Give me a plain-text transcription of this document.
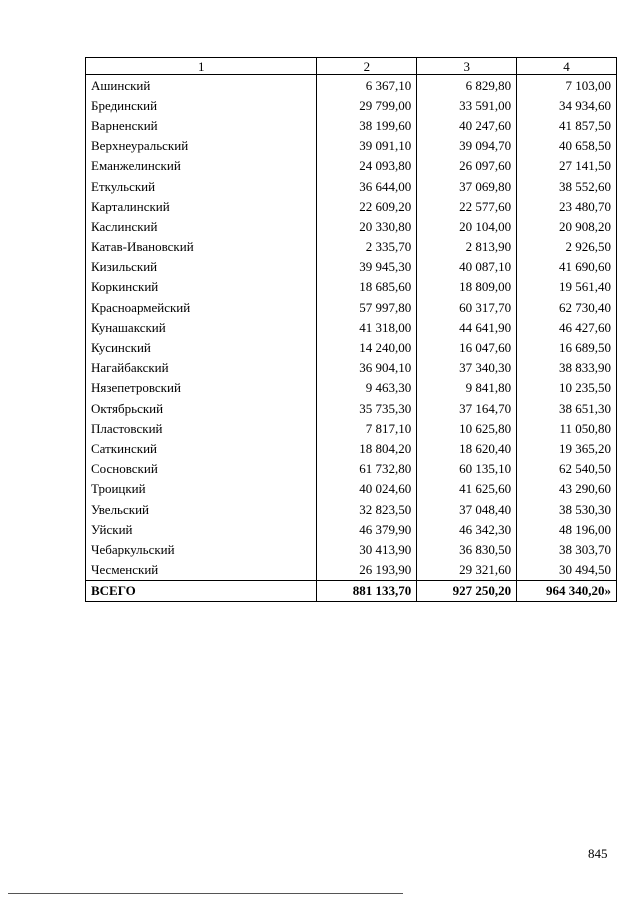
1	2	3	4
Ашинский	6 367,10	6 829,80	7 103,00
Брединский	29 799,00	33 591,00	34 934,60
Варненский	38 199,60	40 247,60	41 857,50
Верхнеуральский	39 091,10	39 094,70	40 658,50
Еманжелинский	24 093,80	26 097,60	27 141,50
Еткульский	36 644,00	37 069,80	38 552,60
Карталинский	22 609,20	22 577,60	23 480,70
Каслинский	20 330,80	20 104,00	20 908,20
Катав-Ивановский	2 335,70	2 813,90	2 926,50
Кизильский	39 945,30	40 087,10	41 690,60
Коркинский	18 685,60	18 809,00	19 561,40
Красноармейский	57 997,80	60 317,70	62 730,40
Кунашакский	41 318,00	44 641,90	46 427,60
Кусинский	14 240,00	16 047,60	16 689,50
Нагайбакский	36 904,10	37 340,30	38 833,90
Нязепетровский	9 463,30	9 841,80	10 235,50
Октябрьский	35 735,30	37 164,70	38 651,30
Пластовский	7 817,10	10 625,80	11 050,80
Саткинский	18 804,20	18 620,40	19 365,20
Сосновский	61 732,80	60 135,10	62 540,50
Троицкий	40 024,60	41 625,60	43 290,60
Увельский	32 823,50	37 048,40	38 530,30
Уйский	46 379,90	46 342,30	48 196,00
Чебаркульский	30 413,90	36 830,50	38 303,70
Чесменский	26 193,90	29 321,60	30 494,50
ВСЕГО	881 133,70	927 250,20	964 340,20»
845
